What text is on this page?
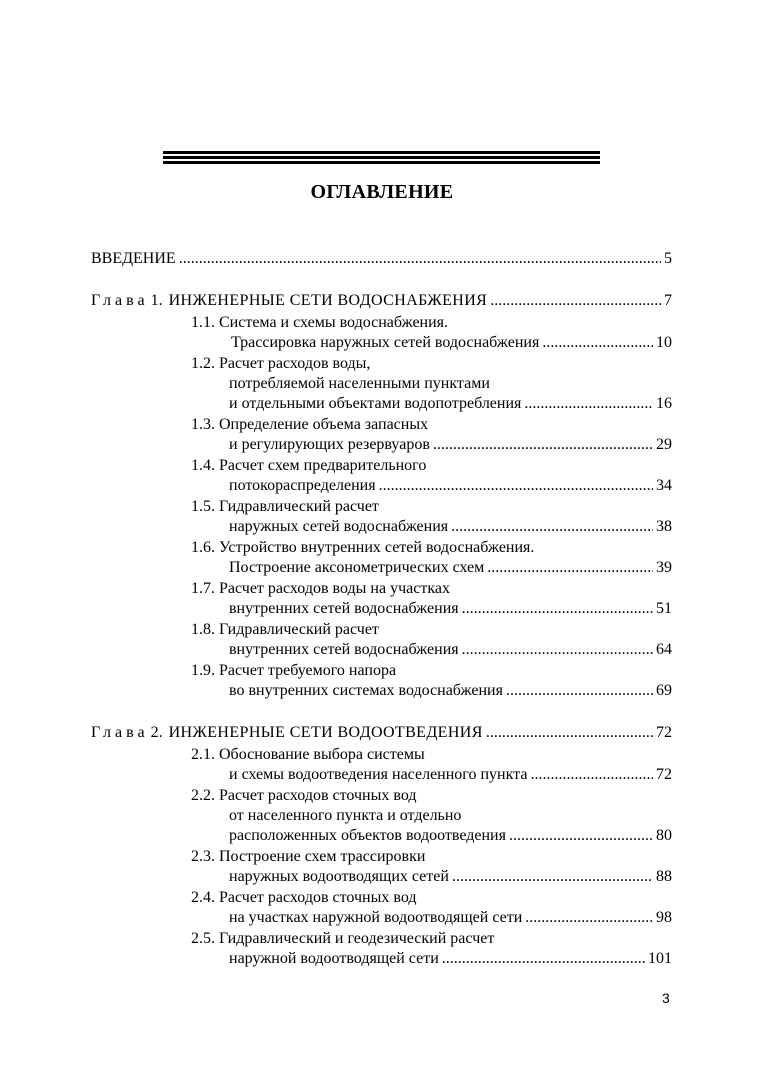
ОГЛАВЛЕНИЕ
ВВЕДЕНИЕ .....	5
Глава 1. ИНЖЕНЕРНЫЕ СЕТИ ВОДОСНАБЖЕНИЯ .....	7
1.1. Система и схемы водоснабжения.
Трассировка наружных сетей водоснабжения .....	10
1.2. Расчет расходов воды,
потребляемой населенными пунктами
и отдельными объектами водопотребления .....	16
1.3. Определение объема запасных
и регулирующих резервуаров .....	29
1.4. Расчет схем предварительного
потокораспределения .....	34
1.5. Гидравлический расчет
наружных сетей водоснабжения .....	38
1.6. Устройство внутренних сетей водоснабжения.
Построение аксонометрических схем .....	39
1.7. Расчет расходов воды на участках
внутренних сетей водоснабжения .....	51
1.8. Гидравлический расчет
внутренних сетей водоснабжения .....	64
1.9. Расчет требуемого напора
во внутренних системах водоснабжения .....	69
Глава 2. ИНЖЕНЕРНЫЕ СЕТИ ВОДООТВЕДЕНИЯ .....	72
2.1. Обоснование выбора системы
и схемы водоотведения населенного пункта .....	72
2.2. Расчет расходов сточных вод
от населенного пункта и отдельно
расположенных объектов водоотведения .....	80
2.3. Построение схем трассировки
наружных водоотводящих сетей .....	88
2.4. Расчет расходов сточных вод
на участках наружной водоотводящей сети .....	98
2.5. Гидравлический и геодезический расчет
наружной водоотводящей сети .....	101
3
